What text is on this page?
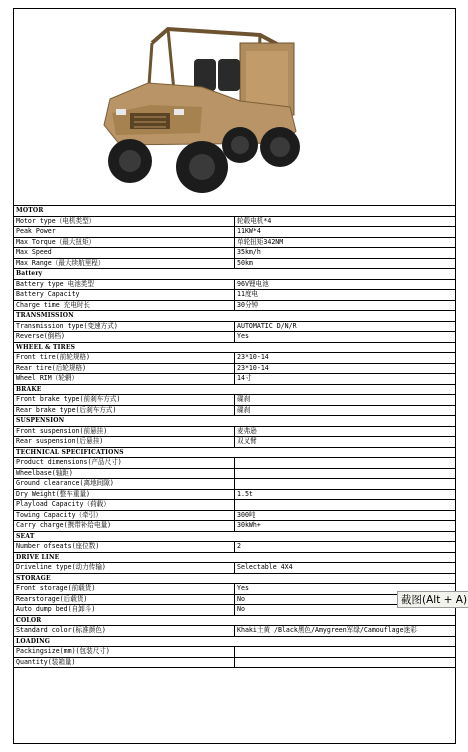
MOTOR	
Motor type（电机类型）	轮毂电机*4
Peak Power	11KW*4
Max Torque（最大扭矩）	单轮扭矩342NM
Max Speed	35km/h
Max Range（最大续航里程）	50km
Battery	
Battery type 电池类型	96V锂电池
Battery Capacity	11度电
Charge time 充电时长	30分钟
TRANSMISSION	
Transmission type(变速方式)	AUTOMATIC D/N/R
Reverse(倒档)	Yes
WHEEL & TIRES	
Front tire(前轮规格)	23*10-14
Rear tire(后轮规格)	23*10-14
Wheel RIM（轮辋）	14寸
BRAKE	
Front brake type(前刹车方式)	碟刹
Rear brake type(后刹车方式)	碟刹
SUSPENSION	
Front suspension(前悬挂)	麦弗逊
Rear suspension(后悬挂)	双叉臂
TECHNICAL SPECIFICATIONS	
Product dimensions(产品尺寸)	
Wheelbase(轴距)	
Ground clearance(离地间隙)	
Dry Weight(整车重量)	1.5t
Playload Capacity（荷载）	
Towing Capacity（牵引）	300吨
Carry charge(携带补给电量)	30kWh+
SEAT	
Number ofseats(座位数)	2
DRIVE LINE	
Driveline type(动力传输)	Selectable 4X4
STORAGE	
Front storage(前载货)	Yes
Rearstorage(后载货)	No
Auto dump bed(自卸斗)	No
COLOR	
Standard color(标准颜色)	Khaki土黄 /Black黑色/Amygreen军绿/Camouflage迷彩
LOADING	
Packingsize(mm)(包装尺寸)	
Quantity(装箱量)	
截图(Alt + A)
